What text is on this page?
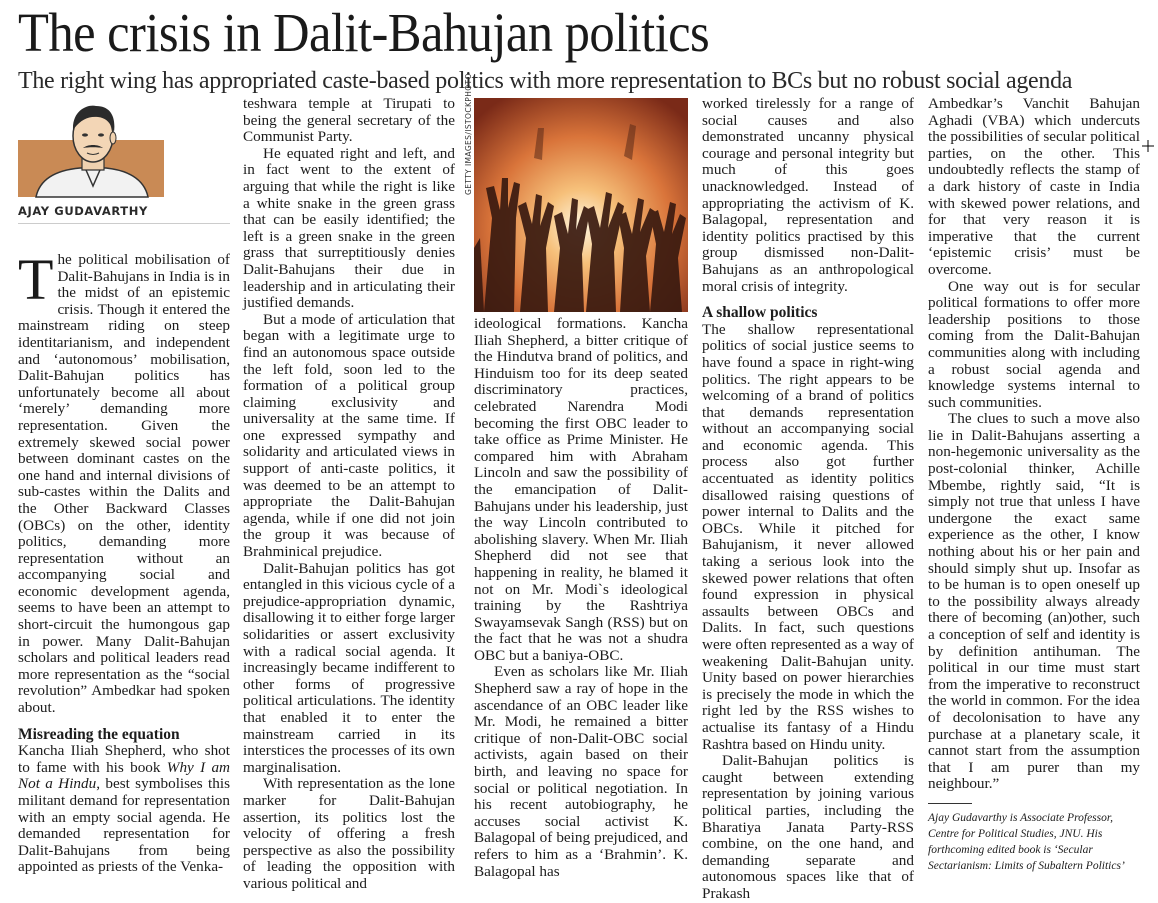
The crisis in Dalit-Bahujan politics
The right wing has appropriated caste-based politics with more representation to BCs but no robust social agenda
AJAY GUDAVARTHY

The political mobilisation of Dalit-Bahujans in India is in the midst of an epistemic crisis. Though it entered the mainstream riding on steep identitarianism, and independent and ‘autonomous’ mobilisation, Dalit-Bahujan politics has unfortunately become all about ‘merely’ demanding more representation. Given the extremely skewed social power between dominant castes on the one hand and internal divisions of sub-castes within the Dalits and the Other Backward Classes (OBCs) on the other, identity politics, demanding more representation without an accompanying social and economic development agenda, seems to have been an attempt to short-circuit the humongous gap in power. Many Dalit-Bahujan scholars and political leaders read more representation as the “social revolution” Ambedkar had spoken about.

Misreading the equation

Kancha Iliah Shepherd, who shot to fame with his book Why I am Not a Hindu, best symbolises this militant demand for representation with an empty social agenda. He demanded representation for Dalit-Bahujans from being appointed as priests of the Venka-

teshwara temple at Tirupati to being the general secretary of the Communist Party.

He equated right and left, and in fact went to the extent of arguing that while the right is like a white snake in the green grass that can be easily identified; the left is a green snake in the green grass that surreptitiously denies Dalit-Bahujans their due in leadership and in articulating their justified demands.

But a mode of articulation that began with a legitimate urge to find an autonomous space outside the left fold, soon led to the formation of a political group claiming exclusivity and universality at the same time. If one expressed sympathy and solidarity and articulated views in support of anti-caste politics, it was deemed to be an attempt to appropriate the Dalit-Bahujan agenda, while if one did not join the group it was because of Brahminical prejudice.

Dalit-Bahujan politics has got entangled in this vicious cycle of a prejudice-appropriation dynamic, disallowing it to either forge larger solidarities or assert exclusivity with a radical social agenda. It increasingly became indifferent to other forms of progressive political articulations. The identity that enabled it to enter the mainstream carried in its interstices the processes of its own marginalisation.

With representation as the lone marker for Dalit-Bahujan assertion, its politics lost the velocity of offering a fresh perspective as also the possibility of leading the opposition with various political and

GETTY IMAGES/ISTOCKPHOTO

ideological formations. Kancha Iliah Shepherd, a bitter critique of the Hindutva brand of politics, and Hinduism too for its deep seated discriminatory practices, celebrated Narendra Modi becoming the first OBC leader to take office as Prime Minister. He compared him with Abraham Lincoln and saw the possibility of the emancipation of Dalit-Bahujans under his leadership, just the way Lincoln contributed to abolishing slavery. When Mr. Iliah Shepherd did not see that happening in reality, he blamed it not on Mr. Modi`s ideological training by the Rashtriya Swayamsevak Sangh (RSS) but on the fact that he was not a shudra OBC but a baniya-OBC.

Even as scholars like Mr. Iliah Shepherd saw a ray of hope in the ascendance of an OBC leader like Mr. Modi, he remained a bitter critique of non-Dalit-OBC social activists, again based on their birth, and leaving no space for social or political negotiation. In his recent autobiography, he accuses social activist K. Balagopal of being prejudiced, and refers to him as a ‘Brahmin’. K. Balagopal has

worked tirelessly for a range of social causes and also demonstrated uncanny physical courage and personal integrity but much of this goes unacknowledged. Instead of appropriating the activism of K. Balagopal, representation and identity politics practised by this group dismissed non-Dalit-Bahujans as an anthropological moral crisis of integrity.

A shallow politics

The shallow representational politics of social justice seems to have found a space in right-wing politics. The right appears to be welcoming of a brand of politics that demands representation without an accompanying social and economic agenda. This process also got further accentuated as identity politics disallowed raising questions of power internal to Dalits and the OBCs. While it pitched for Bahujanism, it never allowed taking a serious look into the skewed power relations that often found expression in physical assaults between OBCs and Dalits. In fact, such questions were often represented as a way of weakening Dalit-Bahujan unity. Unity based on power hierarchies is precisely the mode in which the right led by the RSS wishes to actualise its fantasy of a Hindu Rashtra based on Hindu unity.

Dalit-Bahujan politics is caught between extending representation by joining various political parties, including the Bharatiya Janata Party-RSS combine, on the one hand, and demanding separate and autonomous spaces like that of Prakash

Ambedkar’s Vanchit Bahujan Aghadi (VBA) which undercuts the possibilities of secular political parties, on the other. This undoubtedly reflects the stamp of a dark history of caste in India with skewed power relations, and for that very reason it is imperative that the current ‘epistemic crisis’ must be overcome.

One way out is for secular political formations to offer more leadership positions to those coming from the Dalit-Bahujan communities along with including a robust social agenda and knowledge systems internal to such communities.

The clues to such a move also lie in Dalit-Bahujans asserting a non-hegemonic universality as the post-colonial thinker, Achille Mbembe, rightly said, “It is simply not true that unless I have undergone the exact same experience as the other, I know nothing about his or her pain and should simply shut up. Insofar as to be human is to open oneself up to the possibility always already there of becoming (an)other, such a conception of self and identity is by definition antihuman. The political in our time must start from the imperative to reconstruct the world in common. For the idea of decolonisation to have any purchase at a planetary scale, it cannot start from the assumption that I am purer than my neighbour.”

Ajay Gudavarthy is Associate Professor, Centre for Political Studies, JNU. His forthcoming edited book is ‘Secular Sectarianism: Limits of Subaltern Politics’
